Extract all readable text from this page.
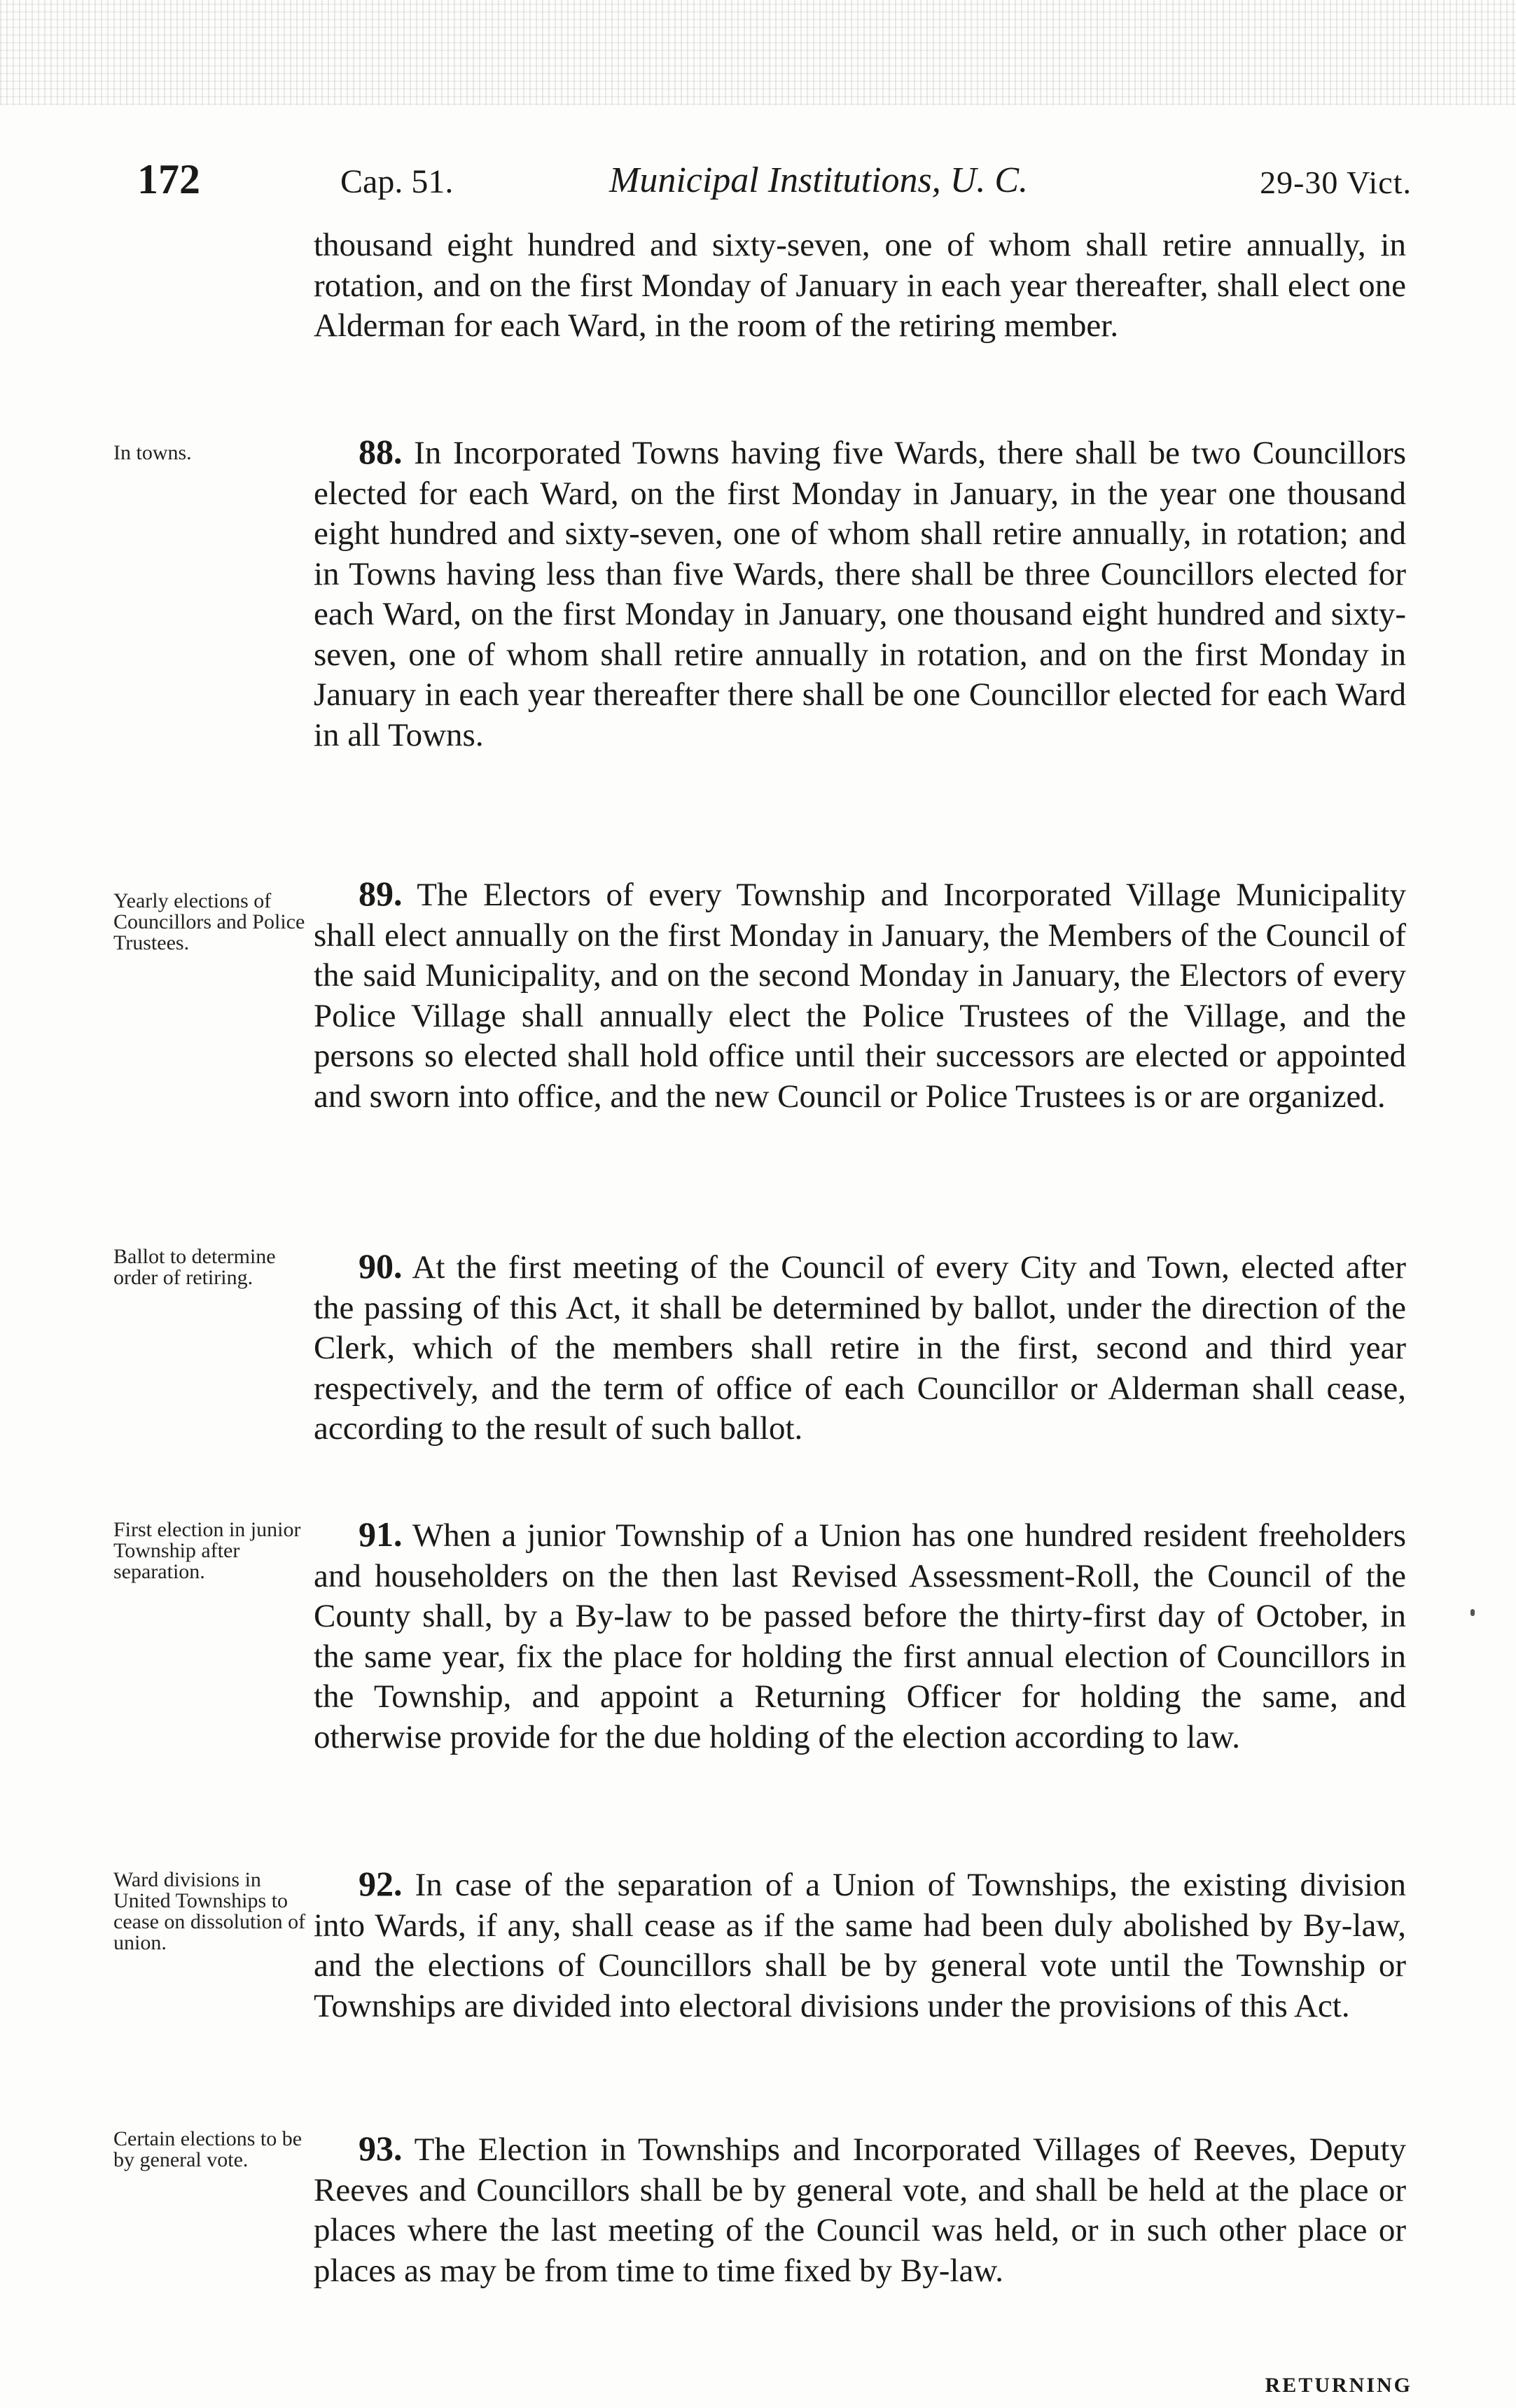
172	Cap. 51.	Municipal Institutions, U. C.	29-30 Vict.

thousand eight hundred and sixty-seven, one of whom shall retire annually, in rotation, and on the first Monday of January in each year thereafter, shall elect one Alderman for each Ward, in the room of the retiring member.

In towns.	88. In Incorporated Towns having five Wards, there shall be two Councillors elected for each Ward, on the first Monday in January, in the year one thousand eight hundred and sixty-seven, one of whom shall retire annually, in rotation; and in Towns having less than five Wards, there shall be three Councillors elected for each Ward, on the first Monday in January, one thousand eight hundred and sixty-seven, one of whom shall retire annually in rotation, and on the first Monday in January in each year thereafter there shall be one Councillor elected for each Ward in all Towns.

Yearly elections of Councillors and Police Trustees.

89. The Electors of every Township and Incorporated Village Municipality shall elect annually on the first Monday in January, the Members of the Council of the said Municipality, and on the second Monday in January, the Electors of every Police Village shall annually elect the Police Trustees of the Village, and the persons so elected shall hold office until their successors are elected or appointed and sworn into office, and the new Council or Police Trustees is or are organized.

Ballot to determine order of retiring.	90. At the first meeting of the Council of every City and Town, elected after the passing of this Act, it shall be determined by ballot, under the direction of the Clerk, which of the members shall retire in the first, second and third year respectively, and the term of office of each Councillor or Alderman shall cease, according to the result of such ballot.

First election in junior Township after separation.

91. When a junior Township of a Union has one hundred resident freeholders and householders on the then last Revised Assessment-Roll, the Council of the County shall, by a By-law to be passed before the thirty-first day of October, in the same year, fix the place for holding the first annual election of Councillors in the Township, and appoint a Returning Officer for holding the same, and otherwise provide for the due holding of the election according to law.

Ward divisions in United Townships to cease on dissolution of union.

92. In case of the separation of a Union of Townships, the existing division into Wards, if any, shall cease as if the same had been duly abolished by By-law, and the elections of Councillors shall be by general vote until the Township or Townships are divided into electoral divisions under the provisions of this Act.

Certain elections to be by general vote.	93. The Election in Townships and Incorporated Villages of Reeves, Deputy Reeves and Councillors shall be by general vote, and shall be held at the place or places where the last meeting of the Council was held, or in such other place or places as may be from time to time fixed by By-law.

RETURNING
